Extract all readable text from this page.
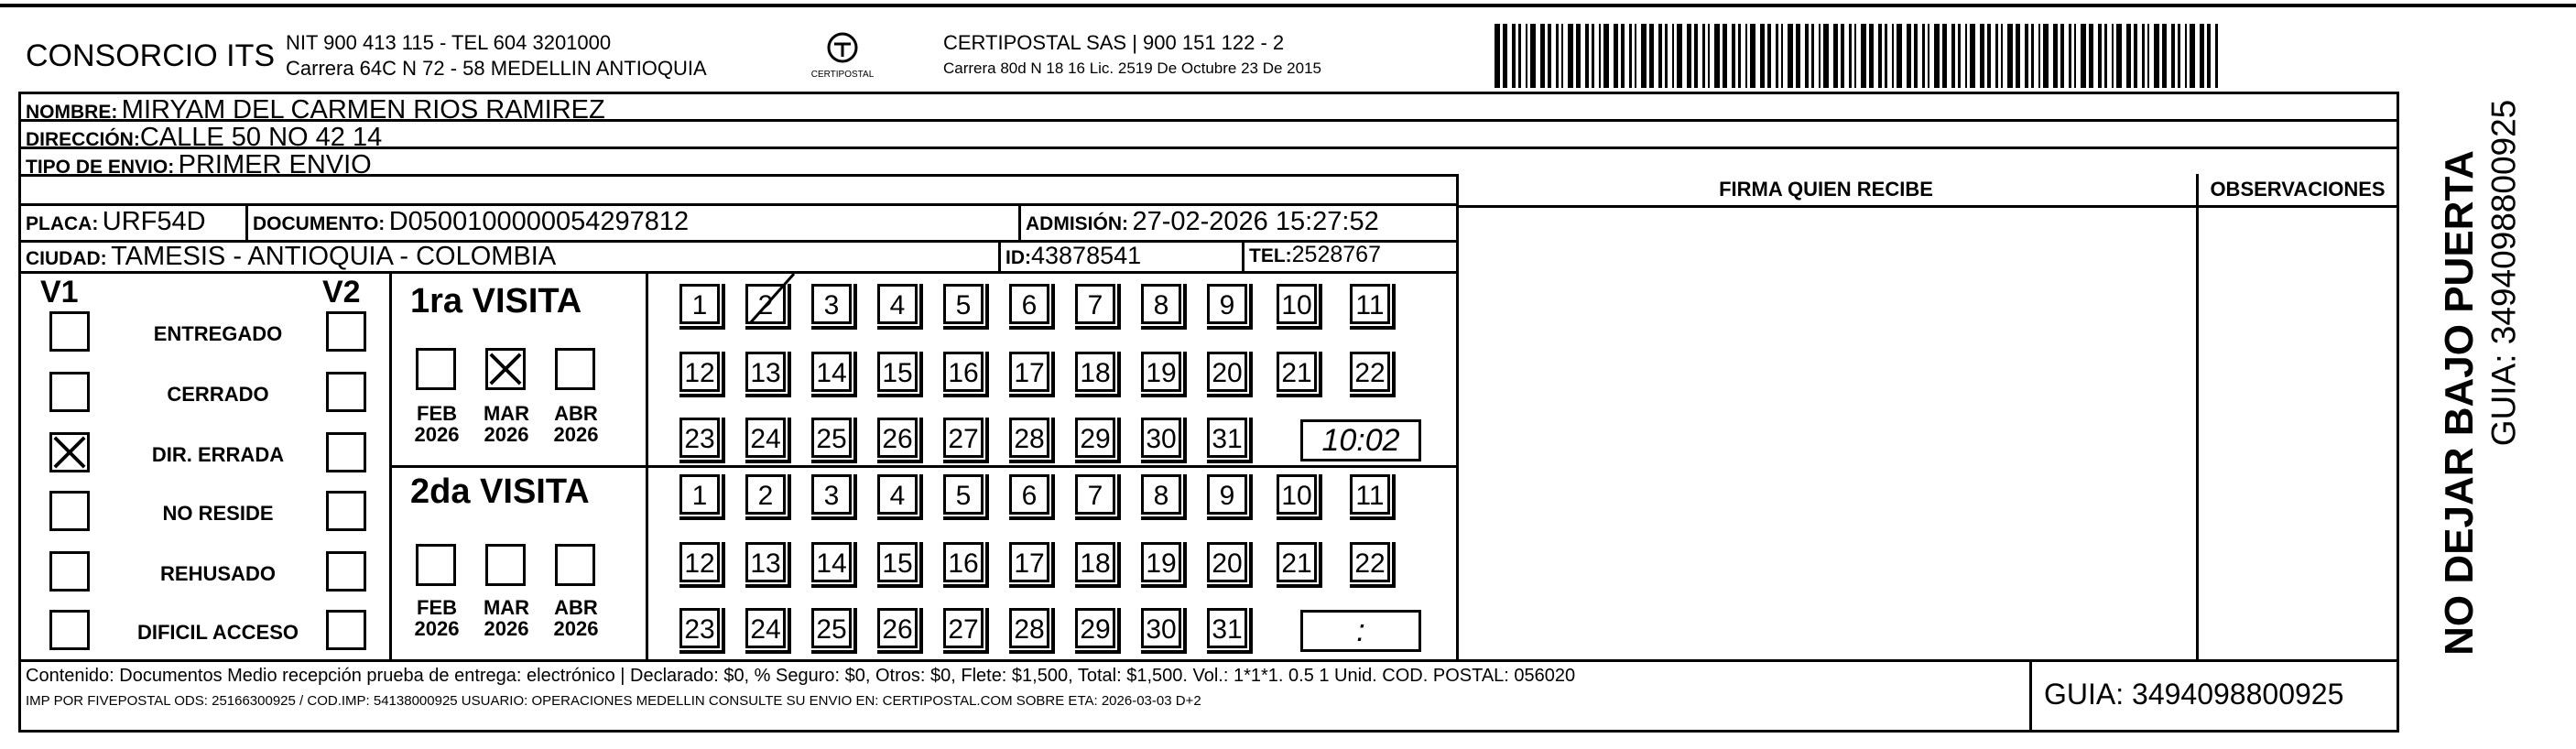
CONSORCIO ITS NIT 900 413 115 - TEL 604 3201000
Carrera 64C N 72 - 58 MEDELLIN ANTIOQUIA	CERTIPOSTAL
CERTIPOSTAL SAS | 900 151 122 - 2
Carrera 80d N 18 16 Lic. 2519 De Octubre 23 De 2015
NOMBRE: MIRYAM DEL CARMEN RIOS RAMIREZ
DIRECCIÓN:CALLE 50 NO 42 14
TIPO DE ENVIO: PRIMER ENVIO
PLACA: URF54D DOCUMENTO: D0500100000054297812	ADMISIÓN: 27-02-2026 15:27:52
CIUDAD: TAMESIS - ANTIOQUIA - COLOMBIA	ID:43878541	TEL:2528767
FIRMA QUIEN RECIBE	OBSERVACIONES
V1	V2 1ra VISITA
2da VISITA
Contenido: Documentos Medio recepción prueba de entrega: electrónico | Declarado: $0, % Seguro: $0, Otros: $0, Flete: $1,500, Total: $1,500. Vol.: 1*1*1. 0.5 1 Unid. COD. POSTAL: 056020
IMP POR FIVEPOSTAL ODS: 25166300925 / COD.IMP: 54138000925 USUARIO: OPERACIONES MEDELLIN CONSULTE SU ENVIO EN: CERTIPOSTAL.COM SOBRE ETA: 2026-03-03 D+2	GUIA: 3494098800925
NO DEJAR BAJO PUERTA GUIA: 3494098800925
ENTREGADO
CERRADO
DIR. ERRADA
NO RESIDE
REHUSADO
DIFICIL ACCESO
FEB
2026
MAR
2026
ABR
2026
1	2	3	4	5	6	7	8	9	10 11
12 13 14 15 16 17 18 19 20 21 22
23 24 25 26 27 28 29 30 31	10:02
FEB
2026
MAR
2026
ABR
2026
1	2	3	4	5	6	7	8	9	10 11
12 13 14 15 16 17 18 19 20 21 22
23 24 25 26 27 28 29 30 31	:
